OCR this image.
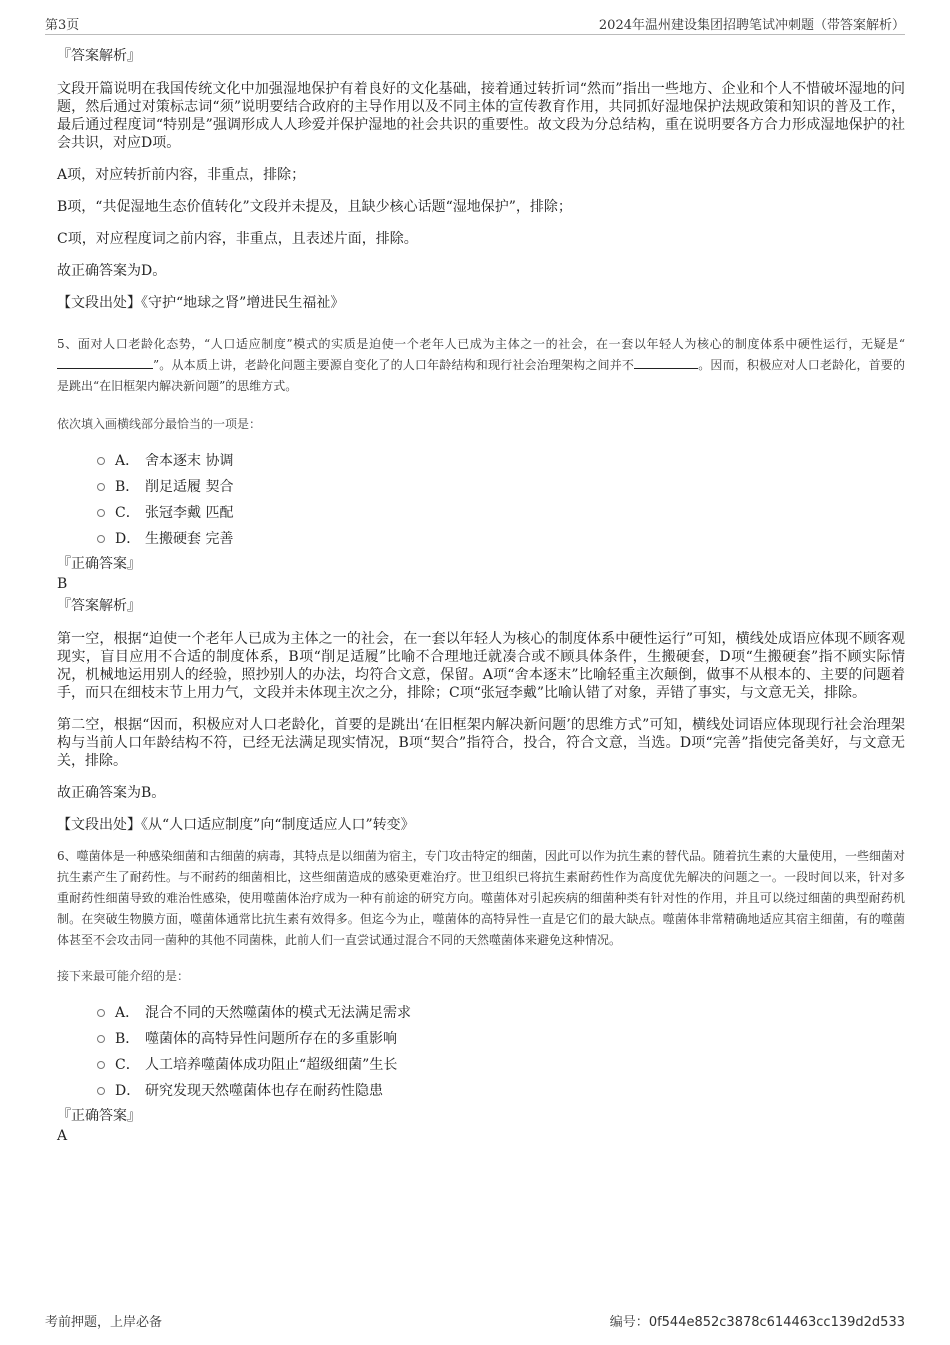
第3页	2024年温州建设集团招聘笔试冲刺题（带答案解析）

『答案解析』

文段开篇说明在我国传统文化中加强湿地保护有着良好的文化基础，接着通过转折词“然而”指出一些地方、企业和个人不惜破坏湿地的问题，然后通过对策标志词“须”说明要结合政府的主导作用以及不同主体的宣传教育作用，共同抓好湿地保护法规政策和知识的普及工作，最后通过程度词“特别是”强调形成人人珍爱并保护湿地的社会共识的重要性。故文段为分总结构，重在说明要各方合力形成湿地保护的社会共识，对应D项。

A项，对应转折前内容，非重点，排除；

B项，“共促湿地生态价值转化”文段并未提及，且缺少核心话题“湿地保护”，排除；

C项，对应程度词之前内容，非重点，且表述片面，排除。

故正确答案为D。

【文段出处】《守护“地球之肾”增进民生福祉》

5、面对人口老龄化态势，“人口适应制度”模式的实质是迫使一个老年人已成为主体之一的社会，在一套以年轻人为核心的制度体系中硬性运行，无疑是“”。从本质上讲，老龄化问题主要源自变化了的人口年龄结构和现行社会治理架构之间并不	。因而，积极应对人口老龄化，首要的是跳出“在旧框架内解决新问题”的思维方式。

依次填入画横线部分最恰当的一项是：

A． 舍本逐末 协调
B． 削足适履 契合
C． 张冠李戴 匹配
D． 生搬硬套 完善

『正确答案』

B

『答案解析』

第一空，根据“迫使一个老年人已成为主体之一的社会，在一套以年轻人为核心的制度体系中硬性运行”可知，横线处成语应体现不顾客观现实，盲目应用不合适的制度体系，B项“削足适履”比喻不合理地迁就凑合或不顾具体条件，生搬硬套，D项“生搬硬套”指不顾实际情况，机械地运用别人的经验，照抄别人的办法，均符合文意，保留。A项“舍本逐末”比喻轻重主次颠倒，做事不从根本的、主要的问题着手，而只在细枝末节上用力气，文段并未体现主次之分，排除；C项“张冠李戴”比喻认错了对象，弄错了事实，与文意无关，排除。

第二空，根据“因而，积极应对人口老龄化，首要的是跳出‘在旧框架内解决新问题’的思维方式”可知，横线处词语应体现现行社会治理架构与当前人口年龄结构不符，已经无法满足现实情况，B项“契合”指符合，投合，符合文意，当选。D项“完善”指使完备美好，与文意无关，排除。

故正确答案为B。

【文段出处】《从“人口适应制度”向“制度适应人口”转变》

6、噬菌体是一种感染细菌和古细菌的病毒，其特点是以细菌为宿主，专门攻击特定的细菌，因此可以作为抗生素的替代品。随着抗生素的大量使用，一些细菌对抗生素产生了耐药性。与不耐药的细菌相比，这些细菌造成的感染更难治疗。世卫组织已将抗生素耐药性作为高度优先解决的问题之一。一段时间以来，针对多重耐药性细菌导致的难治性感染，使用噬菌体治疗成为一种有前途的研究方向。噬菌体对引起疾病的细菌种类有针对性的作用，并且可以绕过细菌的典型耐药机制。在突破生物膜方面，噬菌体通常比抗生素有效得多。但迄今为止，噬菌体的高特异性一直是它们的最大缺点。噬菌体非常精确地适应其宿主细菌，有的噬菌体甚至不会攻击同一菌种的其他不同菌株，此前人们一直尝试通过混合不同的天然噬菌体来避免这种情况。

接下来最可能介绍的是：

A． 混合不同的天然噬菌体的模式无法满足需求
B． 噬菌体的高特异性问题所存在的多重影响
C． 人工培养噬菌体成功阻止“超级细菌”生长
D． 研究发现天然噬菌体也存在耐药性隐患

『正确答案』

A

考前押题，上岸必备	编号：0f544e852c3878c614463cc139d2d533
